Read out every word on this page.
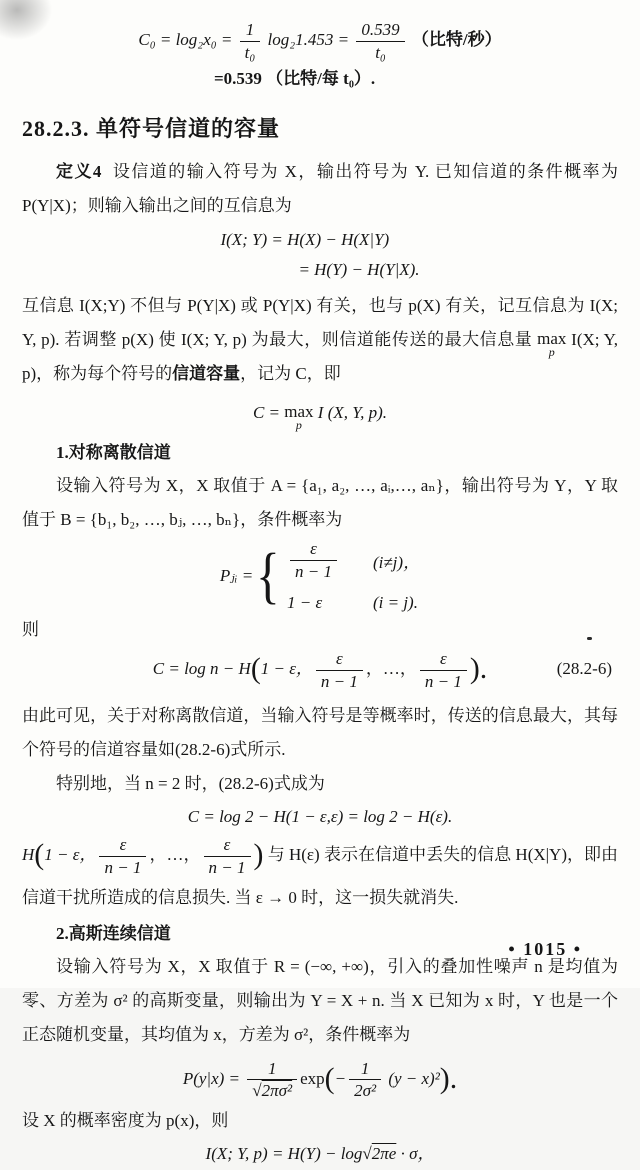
$C_0 = \log_2x_0 = \frac{1}{\text{t₀}} \log_21.453 = \frac{0.539}{\text{t₀}}$ （比特/秒）
=0.539 （比特/每 t₀）.
28.2.3. 单符号信道的容量

定义4 设信道的输入符号为 X，输出符号为 Y. 已知信道的条件概率为 P(Y|X)；则输入输出之间的互信息为

I(X; Y) = H(X) − H(X|Y)
= H(Y) − H(Y|X).

互信息 I(X;Y) 不但与 P(Y|X) 或 P(Y|X) 有关，也与 p(X) 有关，记互信息为 I(X; Y, p). 若调整 p(X) 使 I(X; Y, p) 为最大，则信道能传送的最大信息量 max
p
I(X; Y, p)，称为每个符号的信道容量，记为 C，即

C = max
p
I (X, Y, p).
1.对称离散信道

设输入符号为 X，X 取值于 A = {a₁, a₂, …, aᵢ,…, aₙ}，输出符号为 Y，Y 取值于 B = {b₁, b₂, …, bⱼ, …, bₙ}，条件概率为

Pⱼᵢ = { $\frac{\varepsilon}{n - 1} (i\ne j)$，
1 − ε	(i = j).

则

C = log n − H(1 − ε， $\frac{\varepsilon}{n - 1}$ ，…， $\frac{\varepsilon}{n - 1}$ ).	(28.2-6)

由此可见，关于对称离散信道，当输入符号是等概率时，传送的信息最大，其每个符号的信道容量如(28.2-6)式所示.

特别地，当 n = 2 时，(28.2-6)式成为

C = log 2 − H(1 − ε,ε) = log 2 − H(ε).

H(1 − ε， $\frac{\varepsilon}{n - 1}$ ，…， $\frac{\varepsilon}{n - 1}$ ) 与 H(ε) 表示在信道中丢失的信息 H(X|Y)，即由信道干扰所造成的信息损失. 当 ε → 0 时，这一损失就消失.

2.高斯连续信道

设输入符号为 X，X 取值于 R = (−∞, +∞)，引入的叠加性噪声 n 是均值为零、方差为 σ² 的高斯变量，则输出为 Y = X + n. 当 X 已知为 x 时，Y 也是一个正态随机变量，其均值为 x，方差为 σ²，条件概率为

$P(y|x) = \frac{1}{\text{√2πσ²}} \exp(- \frac{1}{\text{2σ²}} (y - x)^2)$.

设 X 的概率密度为 p(x)，则

I(X; Y, p) = H(Y) − log√2πe · σ，
• 1015 •
